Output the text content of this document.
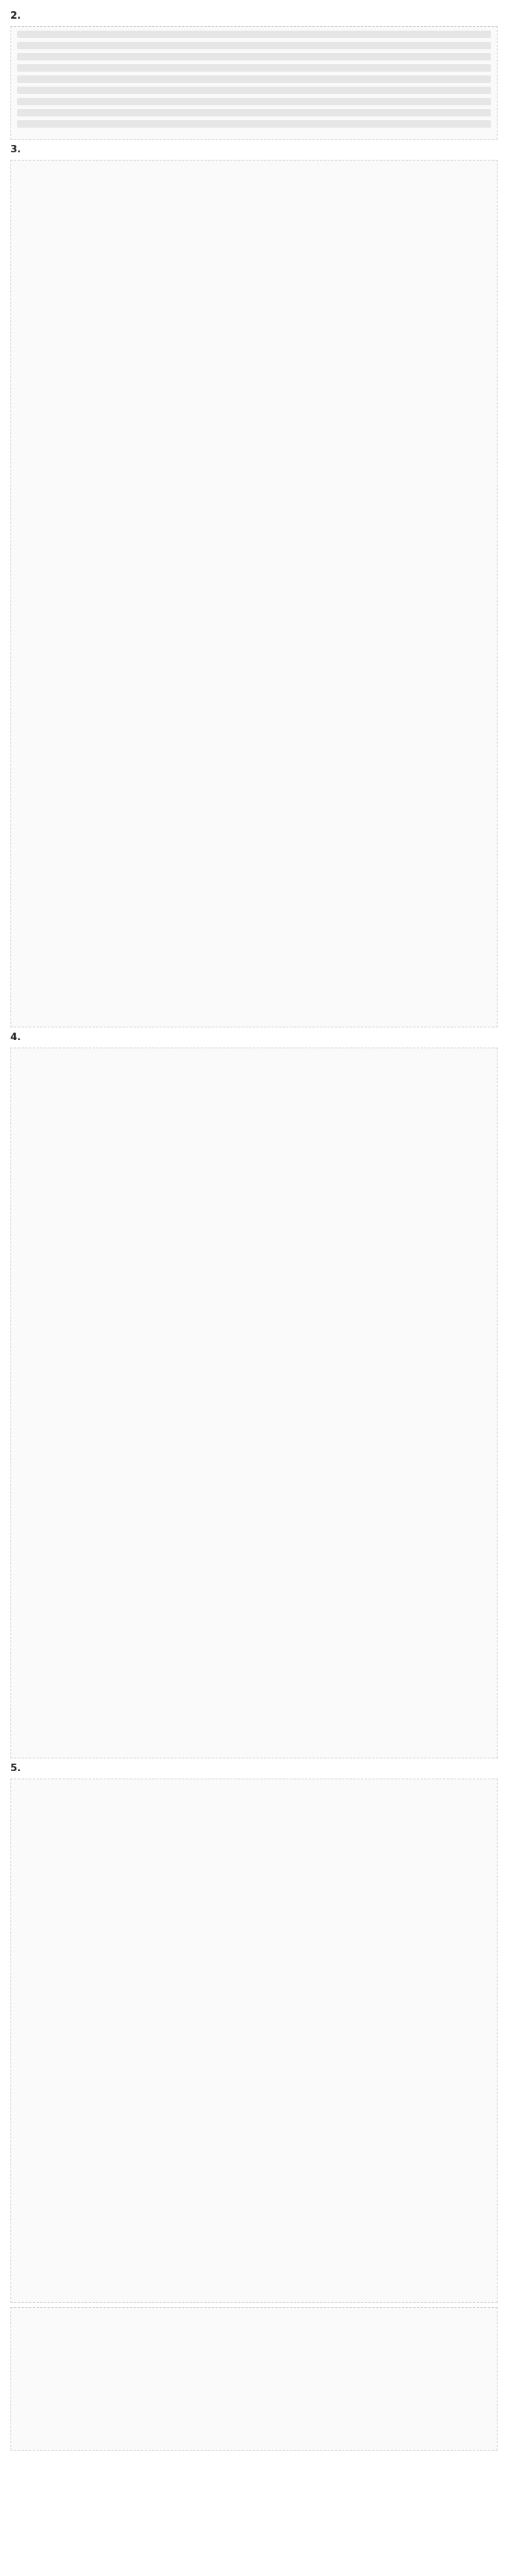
2.
3.
4.
5.
